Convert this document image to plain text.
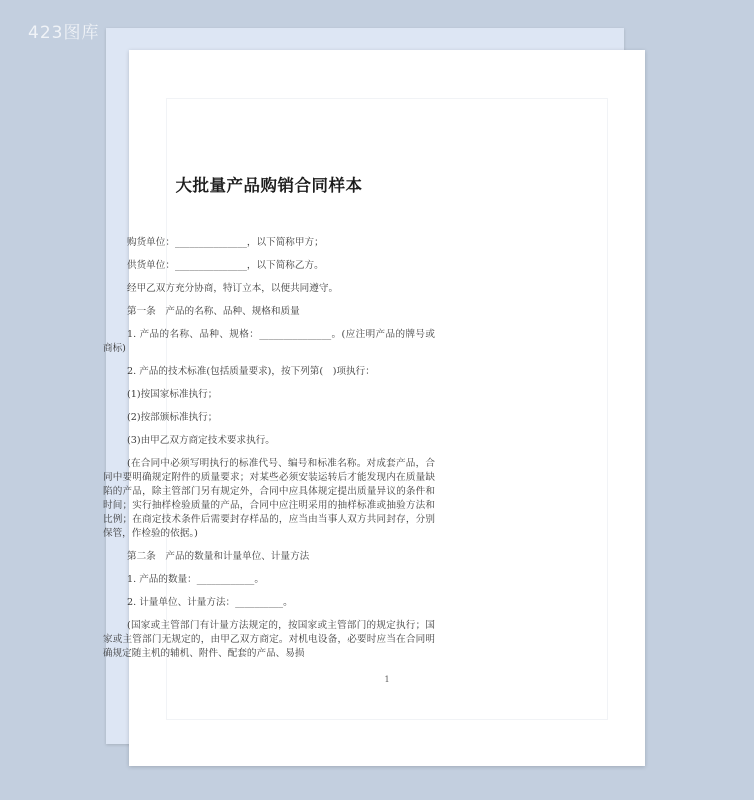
423图库
1
大批量产品购销合同样本
购货单位：_______________，以下简称甲方；
供货单位：_______________，以下简称乙方。
经甲乙双方充分协商，特订立本，以便共同遵守。
第一条　产品的名称、品种、规格和质量
1. 产品的名称、品种、规格：_______________。(应注明产品的牌号或商标)
2. 产品的技术标准(包括质量要求)，按下列第(　)项执行：
(1)按国家标准执行；
(2)按部颁标准执行；
(3)由甲乙双方商定技术要求执行。
(在合同中必须写明执行的标准代号、编号和标准名称。对成套产品，合同中要明确规定附件的质量要求；对某些必须安装运转后才能发现内在质量缺陷的产品，除主管部门另有规定外，合同中应具体规定提出质量异议的条件和时间；实行抽样检验质量的产品，合同中应注明采用的抽样标准或抽验方法和比例；在商定技术条件后需要封存样品的，应当由当事人双方共同封存，分别保管，作检验的依据。)
第二条　产品的数量和计量单位、计量方法
1. 产品的数量：____________。
2. 计量单位、计量方法：__________。
(国家或主管部门有计量方法规定的，按国家或主管部门的规定执行；国家或主管部门无规定的，由甲乙双方商定。对机电设备，必要时应当在合同明确规定随主机的辅机、附件、配套的产品、易损
